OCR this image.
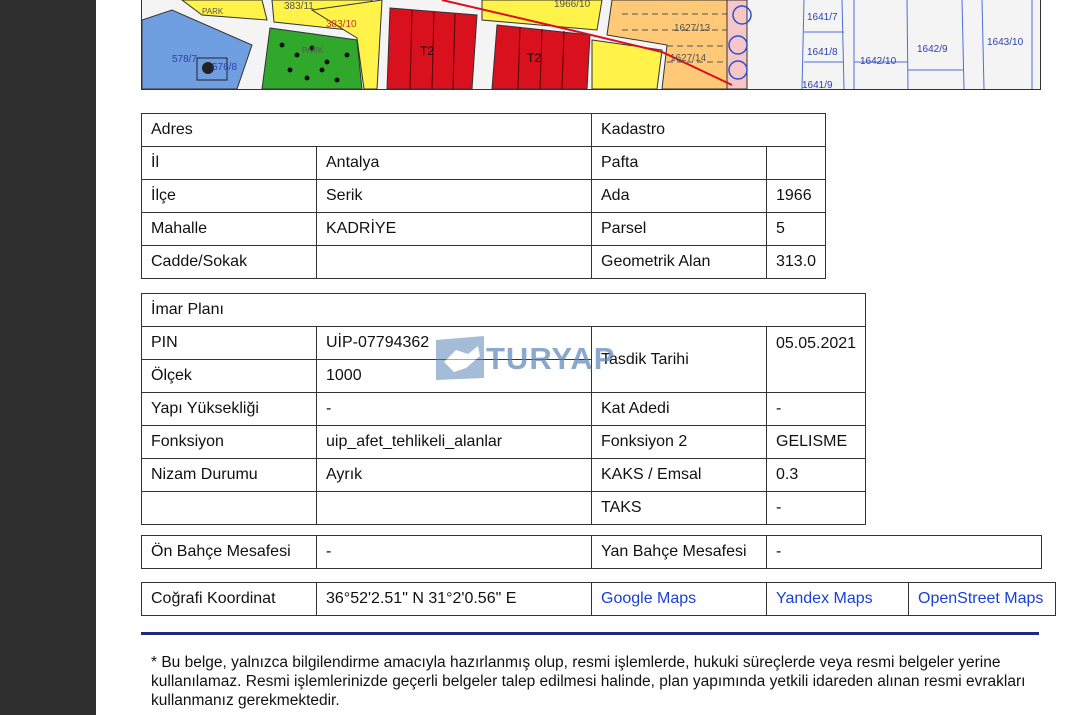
383/11
383/10
1966/10
1627/13
1627/14
1641/7
1641/8
1642/10
1642/9
1643/10
1641/9
578/7
576/8
PARK
PARK
T2	T2
Adres		Kadastro	
İl	Antalya	Pafta	
İlçe	Serik	Ada	1966
Mahalle	KADRİYE	Parsel	5
Cadde/Sokak		Geometrik Alan	313.0
İmar Planı			
PIN	UİP-07794362	Tasdik Tarihi	05.05.2021
Ölçek	1000		
Yapı Yüksekliği	-	Kat Adedi	-
Fonksiyon	uip_afet_tehlikeli_alanlar	Fonksiyon 2	GELISME
Nizam Durumu	Ayrık	KAKS / Emsal	0.3
		TAKS	-
Ön Bahçe Mesafesi	-	Yan Bahçe Mesafesi	-
Coğrafi Koordinat	36°52'2.51" N 31°2'0.56" E	Google Maps	Yandex Maps	OpenStreet Maps
* Bu belge, yalnızca bilgilendirme amacıyla hazırlanmış olup, resmi işlemlerde, hukuki süreçlerde veya resmi belgeler yerine kullanılamaz. Resmi işlemlerinizde geçerli belgeler talep edilmesi halinde, plan yapımında yetkili idareden alınan resmi evrakları kullanmanız gerekmektedir.
TURYAP
